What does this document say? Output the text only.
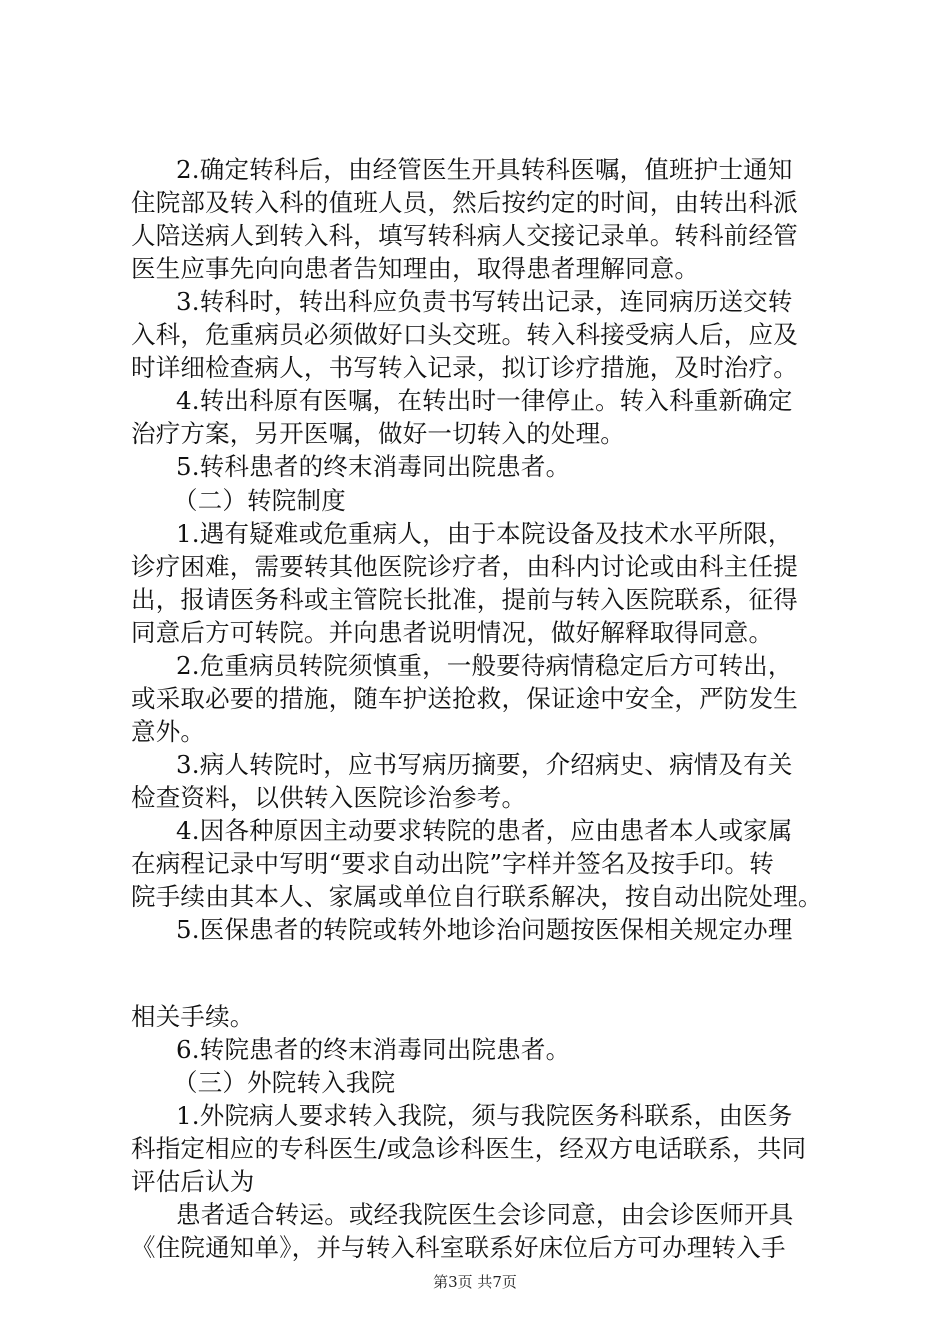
2.确定转科后，由经管医生开具转科医嘱，值班护士通知
住院部及转入科的值班人员，然后按约定的时间，由转出科派
人陪送病人到转入科，填写转科病人交接记录单。转科前经管
医生应事先向向患者告知理由，取得患者理解同意。
3.转科时，转出科应负责书写转出记录，连同病历送交转
入科，危重病员必须做好口头交班。转入科接受病人后，应及
时详细检查病人，书写转入记录，拟订诊疗措施，及时治疗。
4.转出科原有医嘱，在转出时一律停止。转入科重新确定
治疗方案，另开医嘱，做好一切转入的处理。
5.转科患者的终末消毒同出院患者。
（二）转院制度
1.遇有疑难或危重病人，由于本院设备及技术水平所限，
诊疗困难，需要转其他医院诊疗者，由科内讨论或由科主任提
出，报请医务科或主管院长批准，提前与转入医院联系，征得
同意后方可转院。并向患者说明情况，做好解释取得同意。
2.危重病员转院须慎重，一般要待病情稳定后方可转出，
或采取必要的措施，随车护送抢救，保证途中安全，严防发生
意外。
3.病人转院时，应书写病历摘要，介绍病史、病情及有关
检查资料，以供转入医院诊治参考。
4.因各种原因主动要求转院的患者，应由患者本人或家属
在病程记录中写明“要求自动出院”字样并签名及按手印。转
院手续由其本人、家属或单位自行联系解决，按自动出院处理。
5.医保患者的转院或转外地诊治问题按医保相关规定办理
相关手续。
6.转院患者的终末消毒同出院患者。
（三）外院转入我院
1.外院病人要求转入我院，须与我院医务科联系，由医务
科指定相应的专科医生/或急诊科医生，经双方电话联系，共同
评估后认为
患者适合转运。或经我院医生会诊同意，由会诊医师开具
《住院通知单》，并与转入科室联系好床位后方可办理转入手
第3页 共7页
